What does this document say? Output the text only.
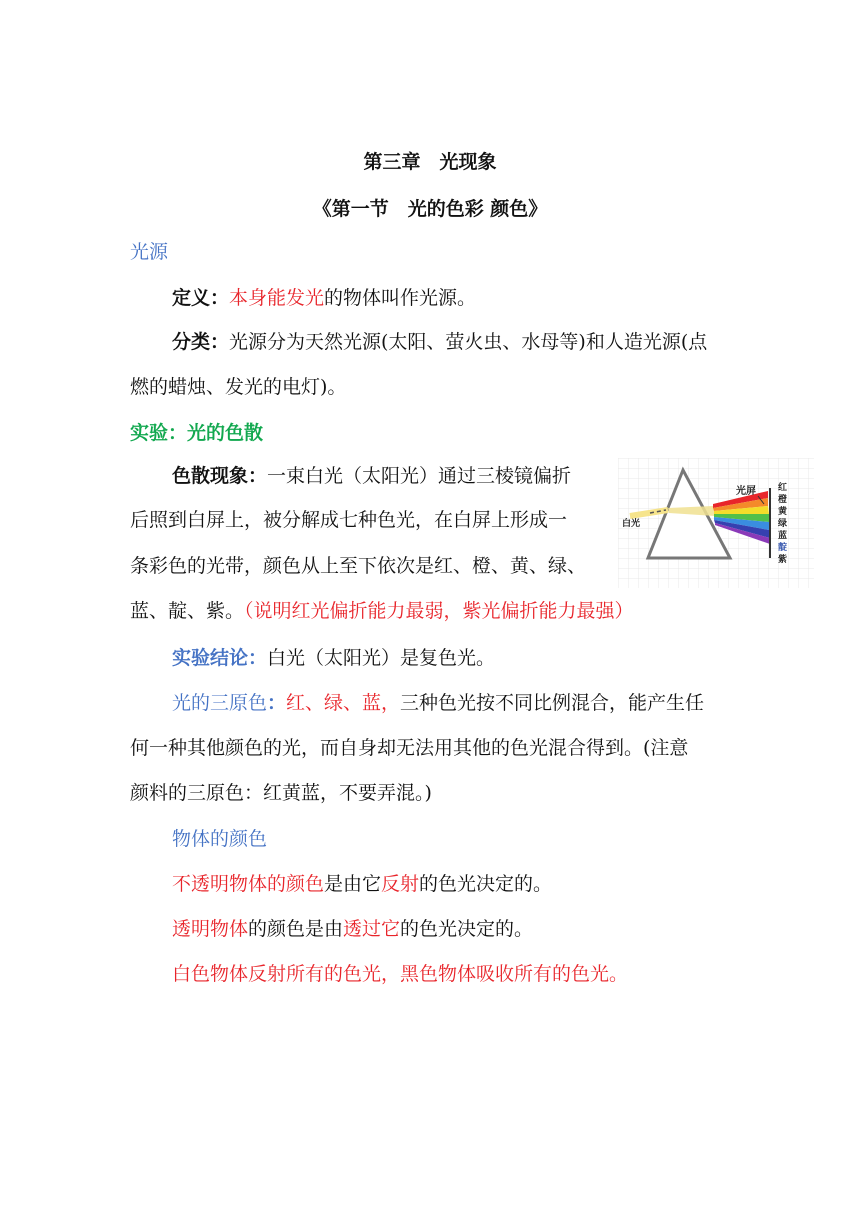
第三章　光现象
《第一节　光的色彩 颜色》
光源
定义：本身能发光的物体叫作光源。
分类：光源分为天然光源(太阳、萤火虫、水母等)和人造光源(点
燃的蜡烛、发光的电灯)。
实验：光的色散
色散现象：一束白光（太阳光）通过三棱镜偏折
后照到白屏上，被分解成七种色光，在白屏上形成一
条彩色的光带，颜色从上至下依次是红、橙、黄、绿、
蓝、靛、紫。（说明红光偏折能力最弱，紫光偏折能力最强）
白光
光屏 红
橙
黄
绿
蓝
靛
紫
实验结论：白光（太阳光）是复色光。
光的三原色：红、绿、蓝，三种色光按不同比例混合，能产生任
何一种其他颜色的光，而自身却无法用其他的色光混合得到。(注意
颜料的三原色：红黄蓝，不要弄混。)
物体的颜色
不透明物体的颜色是由它反射的色光决定的。
透明物体的颜色是由透过它的色光决定的。
白色物体反射所有的色光，黑色物体吸收所有的色光。
